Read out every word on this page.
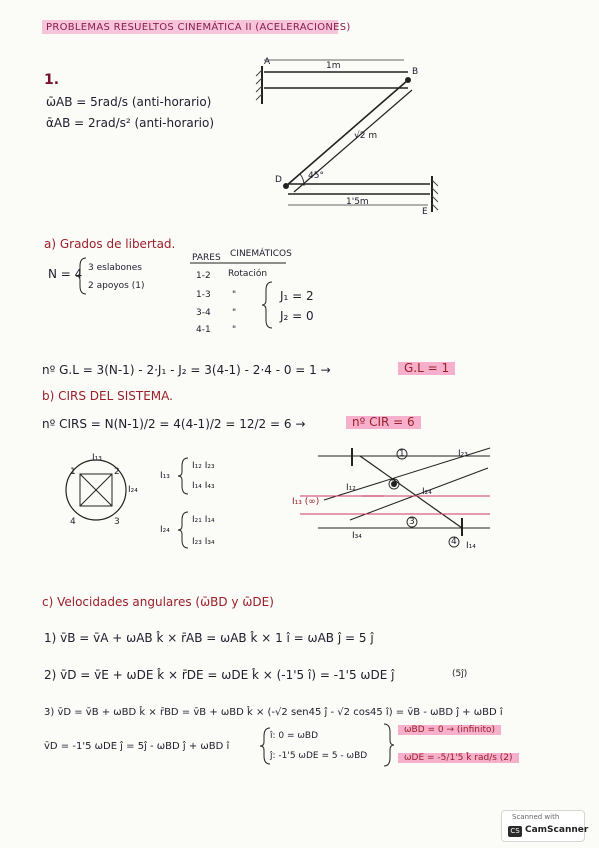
PROBLEMAS RESUELTOS CINEMÁTICA II (ACELERACIONES)
1.
ω̄AB = 5rad/s (anti-horario)
ᾱAB = 2rad/s² (anti-horario)
A
B
D
E
1m
√2 m
45°
1'5m
a) Grados de libertad.
N = 4 3 eslabones
2 apoyos (1)
PARES CINEMÁTICOS
1-2 Rotación
1-3 "
3-4 "
4-1 "
J₁ = 2
J₂ = 0
nº G.L = 3(N-1) - 2·J₁ - J₂ = 3(4-1) - 2·4 - 0 = 1 →	G.L = 1
b) CIRS DEL SISTEMA.
nº CIRS = N(N-1)/2 = 4(4-1)/2 = 12/2 = 6 →	nº CIR = 6
I₁₃
I₂₄
1	2
3
4
I₁₃
I₁₂ I₂₃
I₁₄ I₄₃
I₂₄
I₂₁ I₁₄
I₂₃ I₃₄
I₁₂
I₂₃
I₂₄
I₃₄
I₁₄
I₁₃ (∞)
1
2
3
4
c) Velocidades angulares (ω̄BD y ω̄DE)
1) v̄B = v̄A + ωAB k̂ × r̄AB = ωAB k̂ × 1 î = ωAB ĵ = 5 ĵ
2) v̄D = v̄E + ωDE k̂ × r̄DE = ωDE k̂ × (-1'5 î) = -1'5 ωDE ĵ	(5ĵ)
3) v̄D = v̄B + ωBD k̂ × r̄BD = v̄B + ωBD k̂ × (-√2 sen45 ĵ - √2 cos45 î) = v̄B - ωBD ĵ + ωBD î
v̄D = -1'5 ωDE ĵ = 5ĵ - ωBD ĵ + ωBD î
î: 0 = ωBD
ĵ: -1'5 ωDE = 5 - ωBD
ωBD = 0 → (infinito)
ωDE = -5/1'5 k̂ rad/s (2)
Scanned with
CS CamScanner
